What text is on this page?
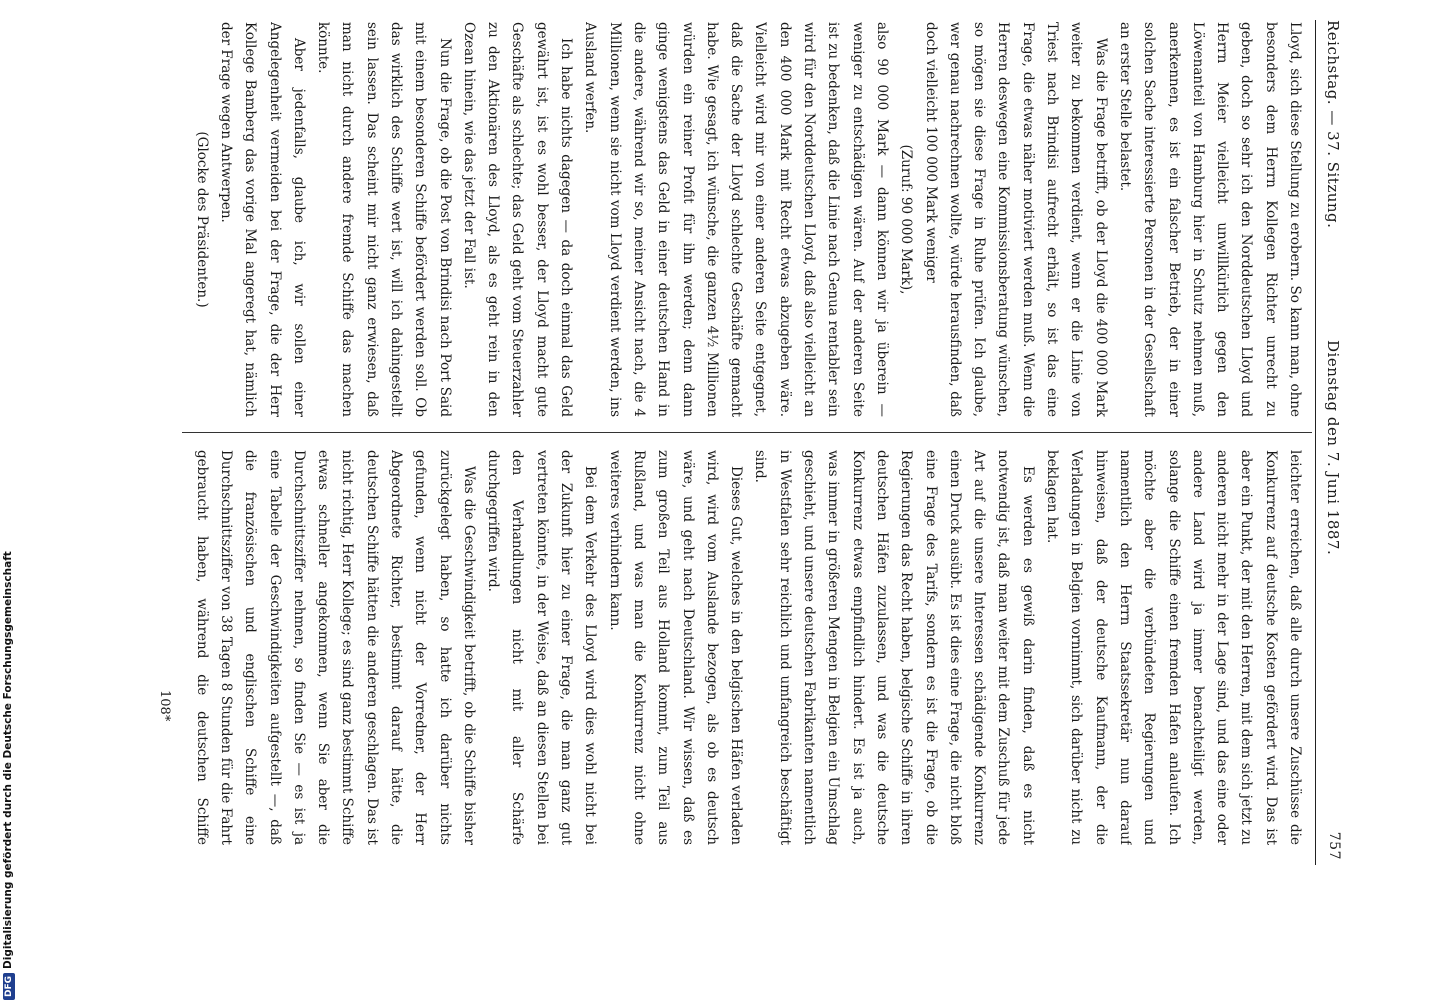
Reichstag. — 37. Sitzung.
Dienstag den 7. Juni 1887.
757

Lloyd, sich diese Stellung zu erobern. So kann man, ohne besonders dem Herrn Kollegen Richter unrecht zu geben, doch so sehr ich den Norddeutschen Lloyd und Herrn Meier vielleicht unwillkürlich gegen den Löwenanteil von Hamburg hier in Schutz nehmen muß, anerkennen, es ist ein falscher Betrieb, der in einer solchen Sache interessierte Personen in der Gesellschaft an erster Stelle belastet.

Was die Frage betrifft, ob der Lloyd die 400 000 Mark weiter zu bekommen verdient, wenn er die Linie von Triest nach Brindisi aufrecht erhält, so ist das eine Frage, die etwas näher motiviert werden muß. Wenn die Herren deswegen eine Kommissionsberatung wünschen, so mögen sie diese Frage in Ruhe prüfen. Ich glaube, wer genau nachrechnen wollte, würde herausfinden, daß doch vielleicht 100 000 Mark weniger

(Zuruf: 90 000 Mark),

also 90 000 Mark — dann können wir ja überein — weniger zu entschädigen wären. Auf der anderen Seite ist zu bedenken, daß die Linie nach Genua rentabler sein wird für den Norddeutschen Lloyd, daß also vielleicht an den 400 000 Mark mit Recht etwas abzugeben wäre. Vielleicht wird mir von einer anderen Seite entgegnet, daß die Sache der Lloyd schlechte Geschäfte gemacht habe. Wie gesagt, ich wünsche, die ganzen 4½ Millionen würden ein reiner Profit für ihn werden; denn dann ginge wenigstens das Geld in einer deutschen Hand in die andere, während wir so, meiner Ansicht nach, die 4 Millionen, wenn sie nicht vom Lloyd verdient werden, ins Ausland werfen.

Ich habe nichts dagegen — da doch einmal das Geld gewährt ist, ist es wohl besser, der Lloyd macht gute Geschäfte als schlechte; das Geld geht vom Steuerzahler zu den Aktionären des Lloyd, als es geht rein in den Ozean hinein, wie das jetzt der Fall ist.

Nun die Frage, ob die Post von Brindisi nach Port Said mit einem besonderen Schiffe befördert werden soll. Ob das wirklich des Schiffe wert ist, will ich dahingestellt sein lassen. Das scheint mir nicht ganz erwiesen, daß man nicht durch andere fremde Schiffe das machen könnte.

Aber jedenfalls, glaube ich, wir sollen einer Angelegenheit vermeiden bei der Frage, die der Herr Kollege Bamberg das vorige Mal angeregt hat, nämlich der Frage wegen Antwerpen.

(Glocke des Präsidenten.)

leichter erreichen, daß alle durch unsere Zuschüsse die Konkurrenz auf deutsche Kosten gefördert wird. Das ist aber ein Punkt, der mit den Herren, mit dem sich jetzt zu anderen nicht mehr in der Lage sind, und das eine oder andere Land wird ja immer benachteiligt werden, solange die Schiffe einen fremden Hafen anlaufen. Ich möchte aber die verbündeten Regierungen und namentlich den Herrn Staatssekretär nun darauf hinweisen, daß der deutsche Kaufmann, der die Verladungen in Belgien vornimmt, sich darüber nicht zu beklagen hat.

Es werden es gewiß darin finden, daß es nicht notwendig ist, daß man weiter mit dem Zuschuß für jede Art auf die unsere Interessen schädigende Konkurrenz einen Druck ausübt. Es ist dies eine Frage, die nicht bloß eine Frage des Tarifs, sondern es ist die Frage, ob die Regierungen das Recht haben, belgische Schiffe in ihren deutschen Häfen zuzulassen, und was die deutsche Konkurrenz etwas empfindlich hindert. Es ist ja auch, was immer in größeren Mengen in Belgien ein Umschlag geschieht, und unsere deutschen Fabrikanten namentlich in Westfalen sehr reichlich und umfangreich beschäftigt sind.

Dieses Gut, welches in den belgischen Häfen verladen wird, wird vom Auslande bezogen, als ob es deutsch wäre, und geht nach Deutschland. Wir wissen, daß es zum großen Teil aus Holland kommt, zum Teil aus Rußland, und was man die Konkurrenz nicht ohne weiteres verhindern kann.

Bei dem Verkehr des Lloyd wird dies wohl nicht bei der Zukunft hier zu einer Frage, die man ganz gut vertreten könnte, in der Weise, daß an diesen Stellen bei den Verhandlungen nicht mit aller Schärfe durchgegriffen wird.

Was die Geschwindigkeit betrifft, ob die Schiffe bisher zurückgelegt haben, so hatte ich darüber nichts gefunden, wenn nicht der Vorredner, der Herr Abgeordnete Richter, bestimmt darauf hätte, die deutschen Schiffe hätten die anderen geschlagen. Das ist nicht richtig, Herr Kollege; es sind ganz bestimmt Schiffe etwas schneller angekommen, wenn Sie aber die Durchschnittsziffer nehmen, so finden Sie — es ist ja eine Tabelle der Geschwindigkeiten aufgestellt —, daß die französischen und englischen Schiffe eine Durchschnittsziffer von 38 Tagen 8 Stunden für die Fahrt gebraucht haben, während die deutschen Schiffe

108*
DFGDigitalisierung gefördert durch die Deutsche Forschungsgemeinschaft
